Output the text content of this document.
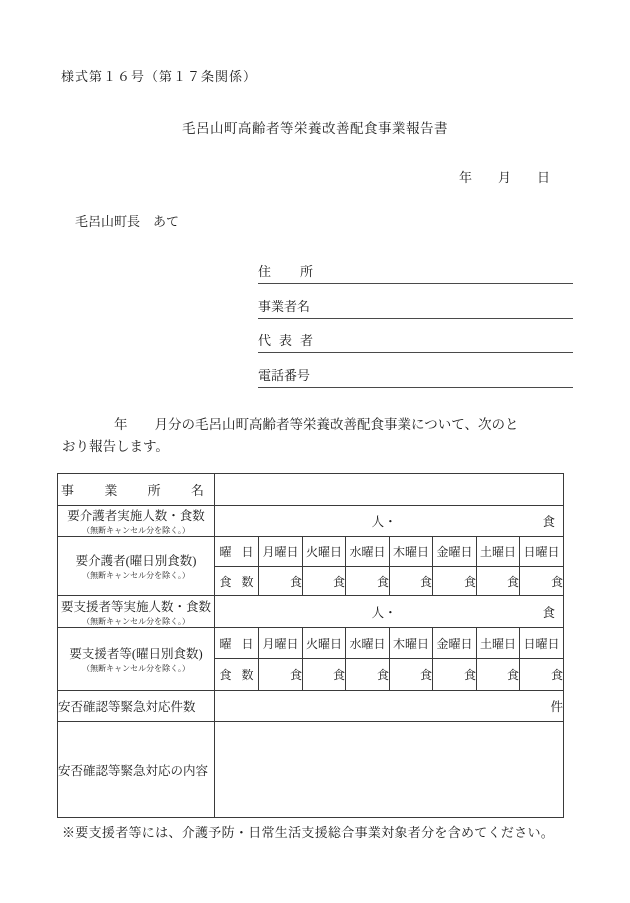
様式第１６号（第１７条関係）
毛呂山町高齢者等栄養改善配食事業報告書
年　　月　　日
毛呂山町長　あて
住所
事業者名
代表者
電話番号
年　　月分の毛呂山町高齢者等栄養改善配食事業について、次のと
おり報告します。
事業所名								

要介護者実施人数・食数
（無断キャンセル分を除く。）	人・ 食							

要介護者(曜日別食数)
（無断キャンセル分を除く。）	曜日	月曜日	火曜日	水曜日	木曜日	金曜日	土曜日	日曜日
	食数	食	食	食	食	食	食	食
要支援者等実施人数・食数
（無断キャンセル分を除く。）	人・ 食							

要支援者等(曜日別食数)
（無断キャンセル分を除く。）	曜日	月曜日	火曜日	水曜日	木曜日	金曜日	土曜日	日曜日
	食数	食	食	食	食	食	食	食
安否確認等緊急対応件数	件							
安否確認等緊急対応の内容								
※要支援者等には、介護予防・日常生活支援総合事業対象者分を含めてください。
